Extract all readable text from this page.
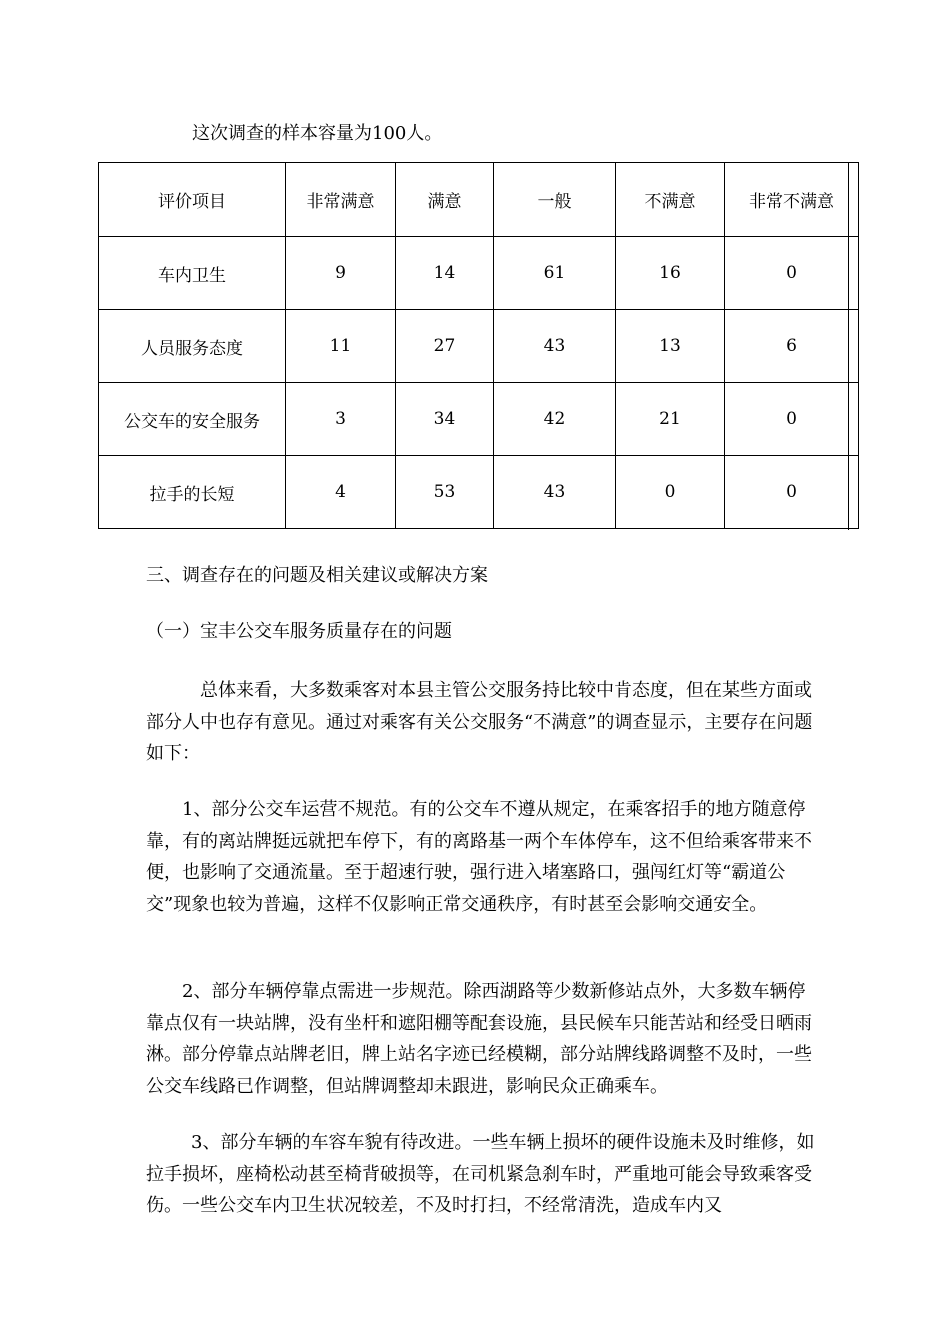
这次调查的样本容量为100人。

评价项目	非常满意	满意	一般	不满意	非常不满意
车内卫生	9	14	61	16	0
人员服务态度	11	27	43	13	6
公交车的安全服务	3	34	42	21	0
拉手的长短	4	53	43	0	0

三、调查存在的问题及相关建议或解决方案

（一）宝丰公交车服务质量存在的问题

总体来看，大多数乘客对本县主管公交服务持比较中肯态度，但在某些方面或部分人中也存有意见。通过对乘客有关公交服务“不满意”的调查显示，主要存在问题如下：

1、部分公交车运营不规范。有的公交车不遵从规定，在乘客招手的地方随意停靠，有的离站牌挺远就把车停下，有的离路基一两个车体停车，这不但给乘客带来不便，也影响了交通流量。至于超速行驶，强行进入堵塞路口，强闯红灯等“霸道公交”现象也较为普遍，这样不仅影响正常交通秩序，有时甚至会影响交通安全。

2、部分车辆停靠点需进一步规范。除西湖路等少数新修站点外，大多数车辆停靠点仅有一块站牌，没有坐杆和遮阳棚等配套设施，县民候车只能苦站和经受日晒雨淋。部分停靠点站牌老旧，牌上站名字迹已经模糊，部分站牌线路调整不及时，一些公交车线路已作调整，但站牌调整却未跟进，影响民众正确乘车。

3、部分车辆的车容车貌有待改进。一些车辆上损坏的硬件设施未及时维修，如拉手损坏，座椅松动甚至椅背破损等，在司机紧急刹车时，严重地可能会导致乘客受伤。一些公交车内卫生状况较差，不及时打扫，不经常清洗，造成车内又
